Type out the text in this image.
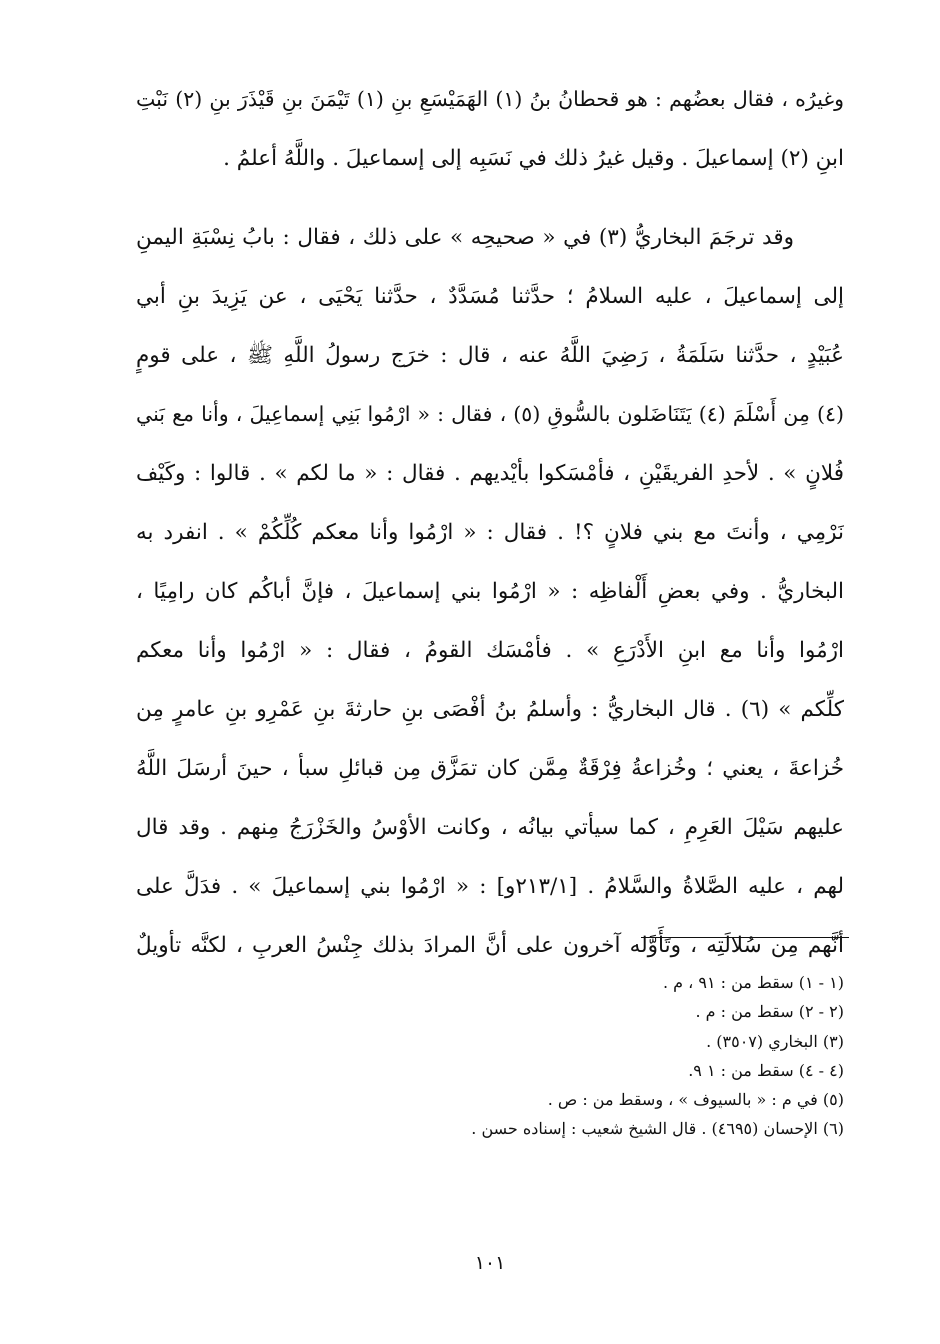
وغيرُه ، فقال بعضُهم : هو قحطانُ بنُ (١) الهَمَيْسَعِ بنِ (١) تَيْمَنَ بنِ قَيْذَرَ بنِ (٢) نَبْتِ
ابنِ (٢) إسماعيلَ . وقيل غيرُ ذلك في نَسَبِه إلى إسماعيلَ . واللَّهُ أعلمُ .
وقد ترجَمَ البخاريُّ (٣) في « صحيحِه » على ذلك ، فقال : بابُ نِسْبَةِ اليمنِ
إلى إسماعيلَ ، عليه السلامُ ؛ حدَّثنا مُسَدَّدٌ ، حدَّثنا يَحْيَى ، عن يَزِيدَ بنِ أبي
عُبَيْدٍ ، حدَّثنا سَلَمَةُ ، رَضِيَ اللَّهُ عنه ، قال : خرَج رسولُ اللَّهِ ﷺ ، على قومٍ
(٤) مِن أَسْلَمَ (٤) يَتَنَاضَلون بالسُّوقِ (٥) ، فقال : « ارْمُوا بَنِي إسماعِيلَ ، وأنا مع بَني
فُلانٍ » . لأحدِ الفريقَيْنِ ، فأمْسَكوا بأيْديهم . فقال : « ما لكم » . قالوا : وكَيْف
نَرْمِي ، وأنتَ مع بني فلانٍ ؟! . فقال : « ارْمُوا وأنا معكم كُلِّكُمْ » . انفرد به
البخاريُّ . وفي بعضِ أَلْفاظِه : « ارْمُوا بني إسماعيلَ ، فإنَّ أباكُم كان رامِيًا ،
ارْمُوا وأنا مع ابنِ الأَدْرَعِ » . فأمْسَك القومُ ، فقال : « ارْمُوا وأنا معكم
كلِّكم » (٦) . قال البخاريُّ : وأسلمُ بنُ أفْصَى بنِ حارثةَ بنِ عَمْرِو بنِ عامرٍ مِن
خُزاعةَ ، يعني ؛ وخُزاعةُ فِرْقَةٌ مِمَّن كان تمَزَّق مِن قبائلِ سبأ ، حينَ أرسَلَ اللَّهُ
عليهم سَيْلَ العَرِمِ ، كما سيأتي بيانُه ، وكانت الأوْسُ والخَزْرَجُ مِنهم . وقد قال
لهم ، عليه الصَّلاةُ والسَّلامُ . [٢١٣/١و] : « ارْمُوا بني إسماعيلَ » . فدَلَّ على
أنَّهم مِن سُلالَتِه ، وتَأَوَّله آخرون على أنَّ المرادَ بذلك جِنْسُ العربِ ، لكنَّه تأويلٌ
(١ - ١) سقط من : ٩١ ، م .
(٢ - ٢) سقط من : م .
(٣) البخاري (٣٥٠٧) .
(٤ - ٤) سقط من : ١ ٩.
(٥) في م : « بالسيوف » ، وسقط من : ص .
(٦) الإحسان (٤٦٩٥) . قال الشيخ شعيب : إسناده حسن .
١٠١
